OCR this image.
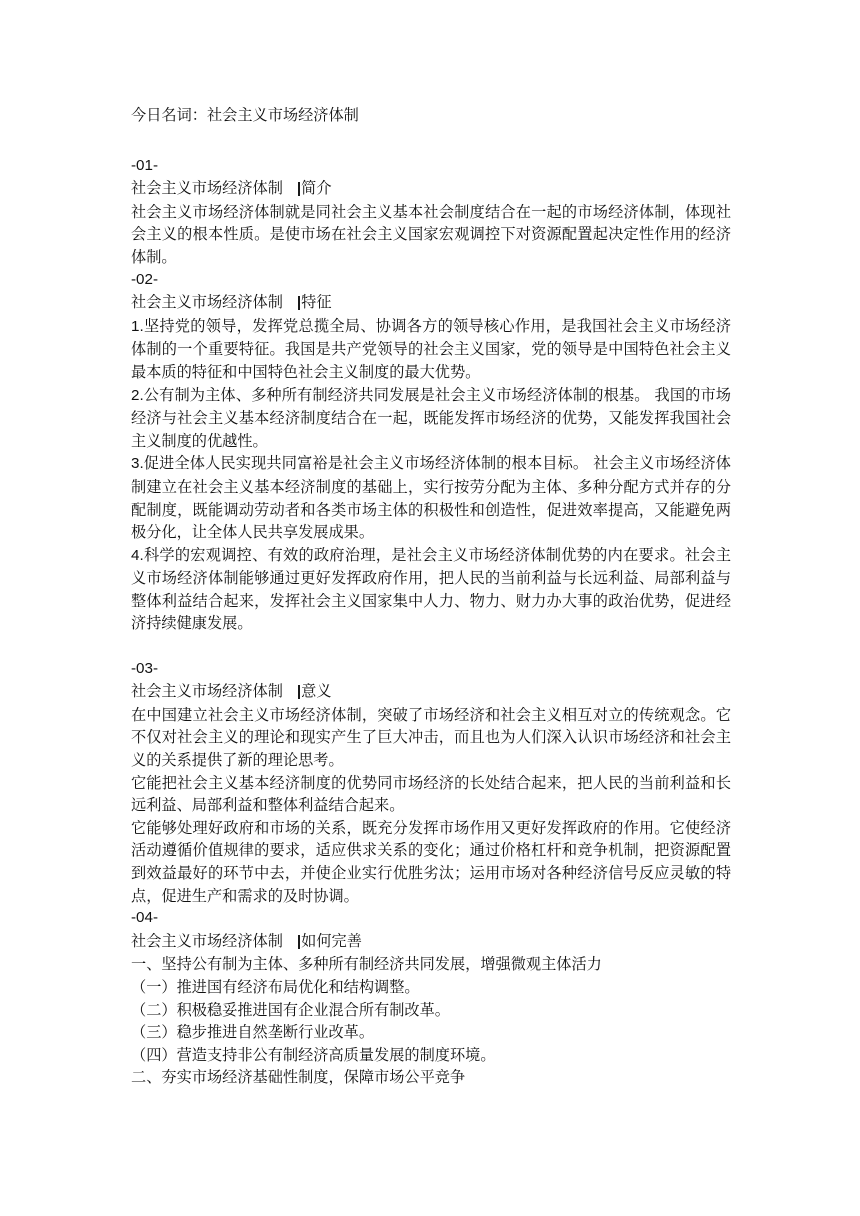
今日名词：社会主义市场经济体制
-01-
社会主义市场经济体制 |简介
社会主义市场经济体制就是同社会主义基本社会制度结合在一起的市场经济体制，体现社会主义的根本性质。是使市场在社会主义国家宏观调控下对资源配置起决定性作用的经济体制。
-02-
社会主义市场经济体制 |特征
1.坚持党的领导，发挥党总揽全局、协调各方的领导核心作用，是我国社会主义市场经济体制的一个重要特征。我国是共产党领导的社会主义国家，党的领导是中国特色社会主义最本质的特征和中国特色社会主义制度的最大优势。
2.公有制为主体、多种所有制经济共同发展是社会主义市场经济体制的根基。 我国的市场经济与社会主义基本经济制度结合在一起，既能发挥市场经济的优势，又能发挥我国社会主义制度的优越性。
3.促进全体人民实现共同富裕是社会主义市场经济体制的根本目标。 社会主义市场经济体制建立在社会主义基本经济制度的基础上，实行按劳分配为主体、多种分配方式并存的分配制度，既能调动劳动者和各类市场主体的积极性和创造性，促进效率提高，又能避免两极分化，让全体人民共享发展成果。
4.科学的宏观调控、有效的政府治理，是社会主义市场经济体制优势的内在要求。社会主义市场经济体制能够通过更好发挥政府作用，把人民的当前利益与长远利益、局部利益与整体利益结合起来，发挥社会主义国家集中人力、物力、财力办大事的政治优势，促进经济持续健康发展。
-03-
社会主义市场经济体制 |意义
在中国建立社会主义市场经济体制，突破了市场经济和社会主义相互对立的传统观念。它不仅对社会主义的理论和现实产生了巨大冲击，而且也为人们深入认识市场经济和社会主义的关系提供了新的理论思考。
它能把社会主义基本经济制度的优势同市场经济的长处结合起来，把人民的当前利益和长远利益、局部利益和整体利益结合起来。
它能够处理好政府和市场的关系，既充分发挥市场作用又更好发挥政府的作用。它使经济活动遵循价值规律的要求，适应供求关系的变化；通过价格杠杆和竞争机制，把资源配置到效益最好的环节中去，并使企业实行优胜劣汰；运用市场对各种经济信号反应灵敏的特点，促进生产和需求的及时协调。
-04-
社会主义市场经济体制 |如何完善
一、坚持公有制为主体、多种所有制经济共同发展，增强微观主体活力
（一）推进国有经济布局优化和结构调整。
（二）积极稳妥推进国有企业混合所有制改革。
（三）稳步推进自然垄断行业改革。
（四）营造支持非公有制经济高质量发展的制度环境。
二、夯实市场经济基础性制度，保障市场公平竞争
